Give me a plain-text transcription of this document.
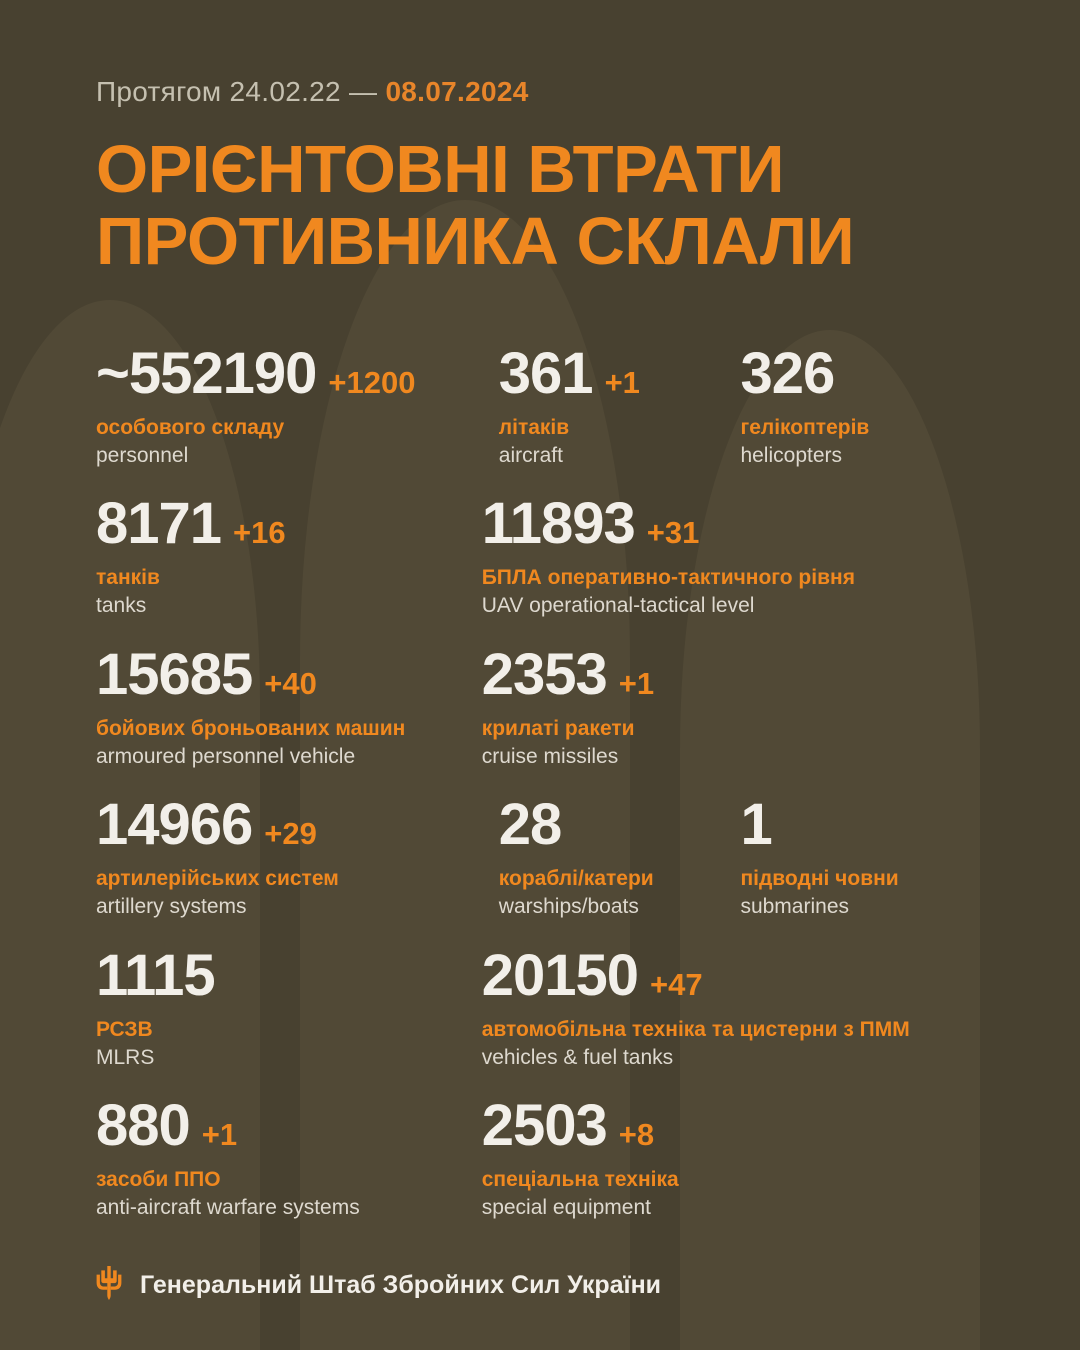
Протягом 24.02.22 — 08.07.2024
ОРІЄНТОВНІ ВТРАТИ
ПРОТИВНИКА СКЛАЛИ
~552190 +1200
особового складу
personnel
361 +1
літаків
aircraft
326
гелікоптерів
helicopters
8171 +16
танків
tanks
11893 +31
БПЛА оперативно-тактичного рівня
UAV operational-tactical level
15685 +40
бойових броньованих машин
armoured personnel vehicle
2353 +1
крилаті ракети
cruise missiles
14966 +29
артилерійських систем
artillery systems
28
кораблі/катери
warships/boats
1
підводні човни
submarines
1115
РСЗВ
MLRS
20150 +47
автомобільна техніка та цистерни з ПММ
vehicles & fuel tanks
880 +1
засоби ППО
anti-aircraft warfare systems
2503 +8
спеціальна техніка
special equipment
Генеральний Штаб Збройних Сил України
